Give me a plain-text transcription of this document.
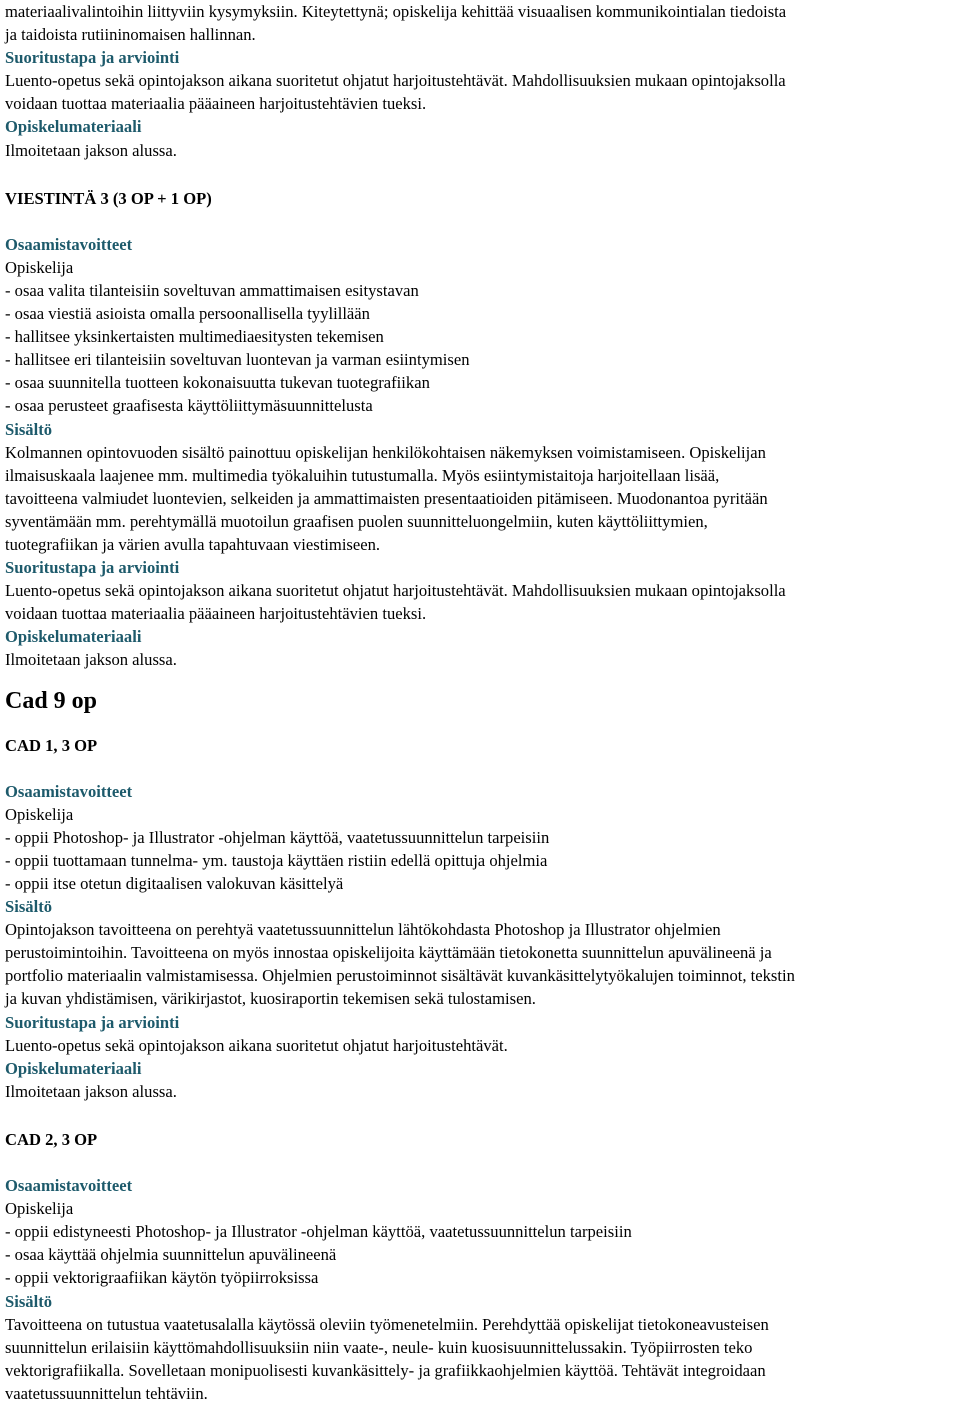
materiaalivalintoihin liittyviin kysymyksiin. Kiteytettynä; opiskelija kehittää visuaalisen kommunikointialan tiedoista

ja taidoista rutiininomaisen hallinnan.

Suoritustapa ja arviointi

Luento-opetus sekä opintojakson aikana suoritetut ohjatut harjoitustehtävät. Mahdollisuuksien mukaan opintojaksolla

voidaan tuottaa materiaalia pääaineen harjoitustehtävien tueksi.

Opiskelumateriaali

Ilmoitetaan jakson alussa.

VIESTINTÄ 3 (3 OP + 1 OP)

Osaamistavoitteet

Opiskelija

- osaa valita tilanteisiin soveltuvan ammattimaisen esitystavan

- osaa viestiä asioista omalla persoonallisella tyylillään

- hallitsee yksinkertaisten multimediaesitysten tekemisen

- hallitsee eri tilanteisiin soveltuvan luontevan ja varman esiintymisen

- osaa suunnitella tuotteen kokonaisuutta tukevan tuotegrafiikan

- osaa perusteet graafisesta käyttöliittymäsuunnittelusta

Sisältö

Kolmannen opintovuoden sisältö painottuu opiskelijan henkilökohtaisen näkemyksen voimistamiseen. Opiskelijan

ilmaisuskaala laajenee mm. multimedia työkaluihin tutustumalla. Myös esiintymistaitoja harjoitellaan lisää,

tavoitteena valmiudet luontevien, selkeiden ja ammattimaisten presentaatioiden pitämiseen. Muodonantoa pyritään

syventämään mm. perehtymällä muotoilun graafisen puolen suunnitteluongelmiin, kuten käyttöliittymien,

tuotegrafiikan ja värien avulla tapahtuvaan viestimiseen.

Suoritustapa ja arviointi

Luento-opetus sekä opintojakson aikana suoritetut ohjatut harjoitustehtävät. Mahdollisuuksien mukaan opintojaksolla

voidaan tuottaa materiaalia pääaineen harjoitustehtävien tueksi.

Opiskelumateriaali

Ilmoitetaan jakson alussa.

Cad 9 op

CAD 1, 3 OP

Osaamistavoitteet

Opiskelija

- oppii Photoshop- ja Illustrator -ohjelman käyttöä, vaatetussuunnittelun tarpeisiin

- oppii tuottamaan tunnelma- ym. taustoja käyttäen ristiin edellä opittuja ohjelmia

- oppii itse otetun digitaalisen valokuvan käsittelyä

Sisältö

Opintojakson tavoitteena on perehtyä vaatetussuunnittelun lähtökohdasta Photoshop ja Illustrator ohjelmien

perustoimintoihin. Tavoitteena on myös innostaa opiskelijoita käyttämään tietokonetta suunnittelun apuvälineenä ja

portfolio materiaalin valmistamisessa. Ohjelmien perustoiminnot sisältävät kuvankäsittelytyökalujen toiminnot, tekstin

ja kuvan yhdistämisen, värikirjastot, kuosiraportin tekemisen sekä tulostamisen.

Suoritustapa ja arviointi

Luento-opetus sekä opintojakson aikana suoritetut ohjatut harjoitustehtävät.

Opiskelumateriaali

Ilmoitetaan jakson alussa.

CAD 2, 3 OP

Osaamistavoitteet

Opiskelija

- oppii edistyneesti Photoshop- ja Illustrator -ohjelman käyttöä, vaatetussuunnittelun tarpeisiin

- osaa käyttää ohjelmia suunnittelun apuvälineenä

- oppii vektorigraafiikan käytön työpiirroksissa

Sisältö

Tavoitteena on tutustua vaatetusalalla käytössä oleviin työmenetelmiin. Perehdyttää opiskelijat tietokoneavusteisen

suunnittelun erilaisiin käyttömahdollisuuksiin niin vaate-, neule- kuin kuosisuunnittelussakin. Työpiirrosten teko

vektorigrafiikalla. Sovelletaan monipuolisesti kuvankäsittely- ja grafiikkaohjelmien käyttöä. Tehtävät integroidaan

vaatetussuunnittelun tehtäviin.
